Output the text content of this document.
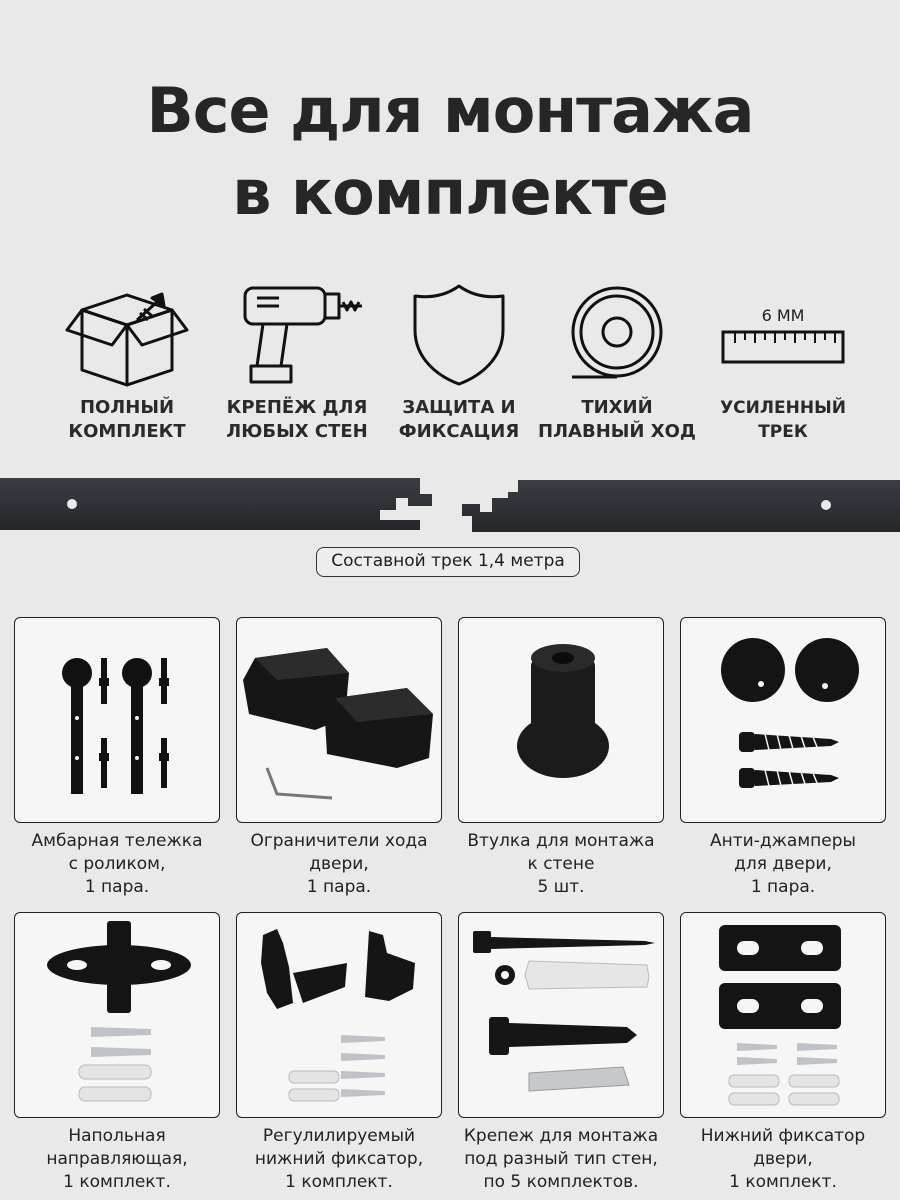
Все для монтажа
в комплекте
ПОЛНЫЙ
КОМПЛЕКТ
КРЕПЁЖ ДЛЯ
ЛЮБЫХ СТЕН
ЗАЩИТА И
ФИКСАЦИЯ
ТИХИЙ
ПЛАВНЫЙ ХОД
6 ММ
УСИЛЕННЫЙ
ТРЕК
Составной трек 1,4 метра
Амбарная тележка
с роликом,
1 пара.
Ограничители хода
двери,
1 пара.
Втулка для монтажа
к стене
5 шт.
Анти-джамперы
для двери,
1 пара.
Напольная
направляющая,
1 комплект.
Регулилируемый
нижний фиксатор,
1 комплект.
Крепеж для монтажа
под разный тип стен,
по 5 комплектов.
Нижний фиксатор
двери,
1 комплект.
